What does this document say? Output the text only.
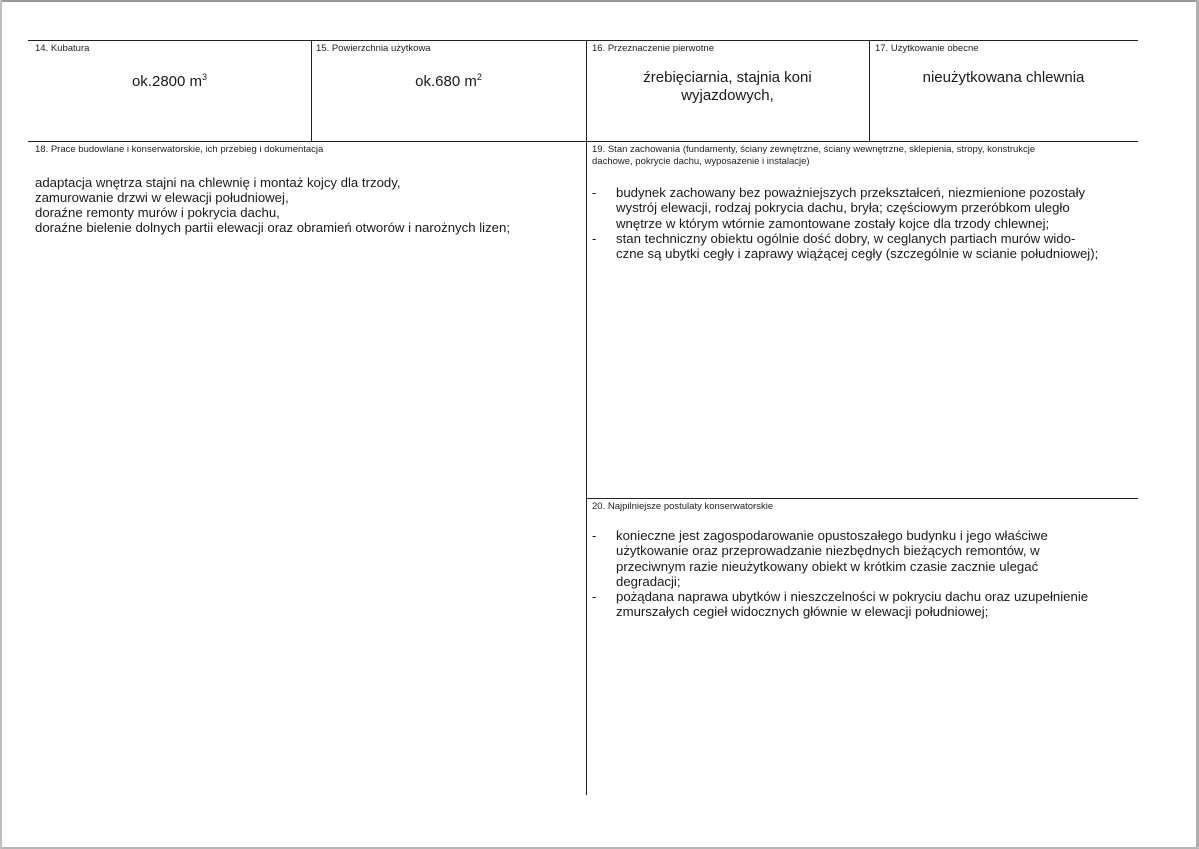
14. Kubatura
ok.2800 $m^3$
15. Powierzchnia użytkowa
ok.680 $m^2$
16. Przeznaczenie pierwotne
źrebięciarnia, stajnia koni
wyjazdowych,
17. Użytkowanie obecne
nieużytkowana chlewnia
18. Prace budowlane i konserwatorskie, ich przebieg i dokumentacja
adaptacja wnętrza stajni na chlewnię i montaż kojcy dla trzody,
zamurowanie drzwi w elewacji południowej,
doraźne remonty murów i pokrycia dachu,
doraźne bielenie dolnych partii elewacji oraz obramień otworów i narożnych lizen;
19. Stan zachowania (fundamenty, ściany zewnętrzne, ściany wewnętrzne, sklepienia, stropy, konstrukcje
dachowe, pokrycie dachu, wyposażenie i instalacje)
- budynek zachowany bez poważniejszych przekształceń, niezmienione pozostały
wystrój elewacji, rodzaj pokrycia dachu, bryła; częściowym przeróbkom uległo
wnętrze w którym wtórnie zamontowane zostały kojce dla trzody chlewnej;
- stan techniczny obiektu ogólnie dość dobry, w ceglanych partiach murów wido-
czne są ubytki cegły i zaprawy wiążącej cegły (szczególnie w scianie południowej);
20. Najpilniejsze postulaty konserwatorskie
- konieczne jest zagospodarowanie opustoszałego budynku i jego właściwe
użytkowanie oraz przeprowadzanie niezbędnych bieżących remontów, w
przeciwnym razie nieużytkowany obiekt w krótkim czasie zacznie ulegać
degradacji;
- pożądana naprawa ubytków i nieszczelności w pokryciu dachu oraz uzupełnienie
zmurszałych cegieł widocznych głównie w elewacji południowej;
